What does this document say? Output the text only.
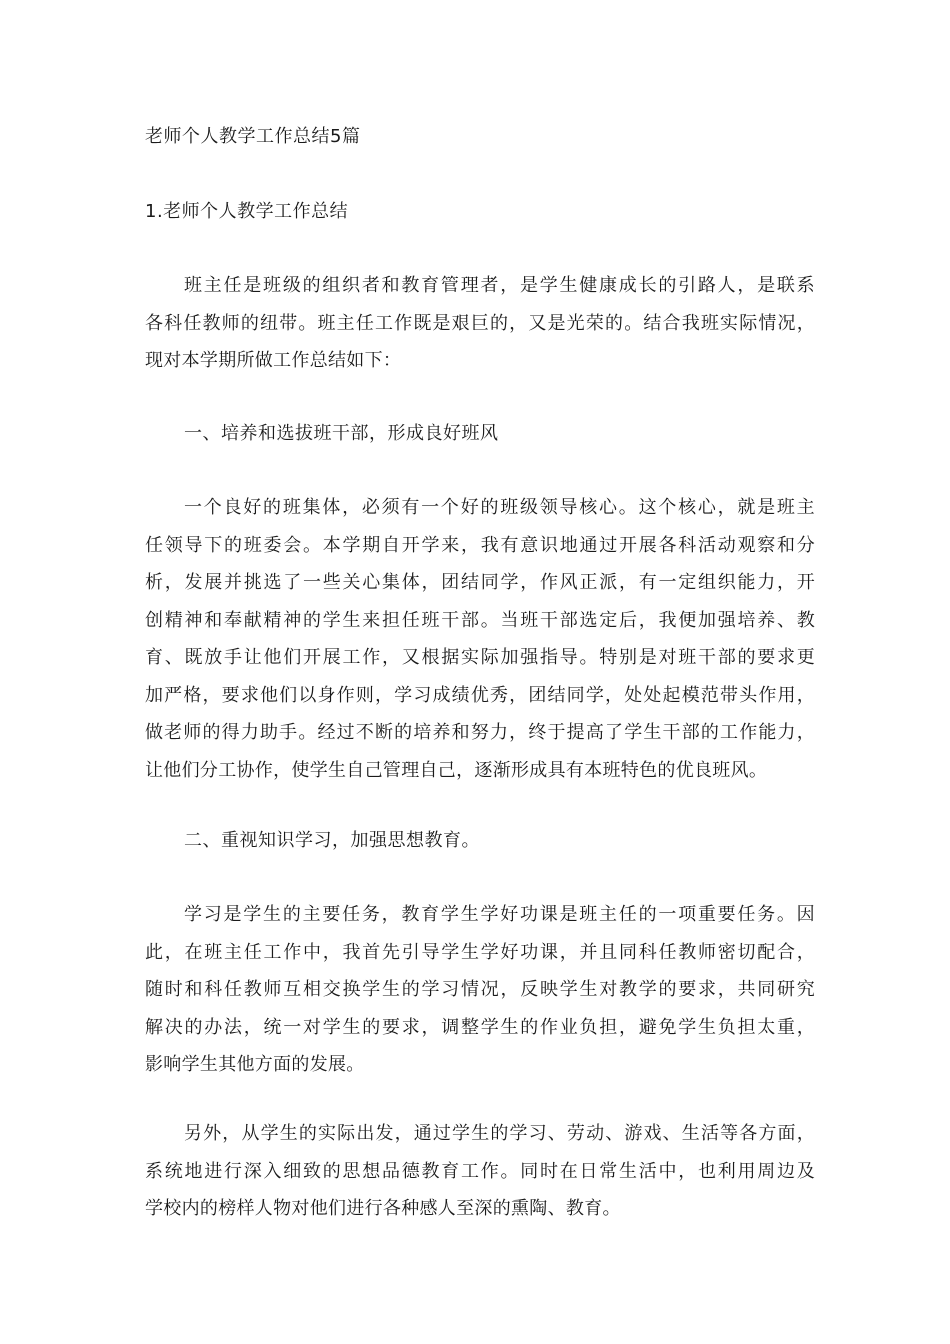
老师个人教学工作总结5篇
1.老师个人教学工作总结
班主任是班级的组织者和教育管理者，是学生健康成长的引路人，是联系
各科任教师的纽带。班主任工作既是艰巨的，又是光荣的。结合我班实际情况，
现对本学期所做工作总结如下：
一、培养和选拔班干部，形成良好班风
一个良好的班集体，必须有一个好的班级领导核心。这个核心，就是班主
任领导下的班委会。本学期自开学来，我有意识地通过开展各科活动观察和分
析，发展并挑选了一些关心集体，团结同学，作风正派，有一定组织能力，开
创精神和奉献精神的学生来担任班干部。当班干部选定后，我便加强培养、教
育、既放手让他们开展工作，又根据实际加强指导。特别是对班干部的要求更
加严格，要求他们以身作则，学习成绩优秀，团结同学，处处起模范带头作用，
做老师的得力助手。经过不断的培养和努力，终于提高了学生干部的工作能力，
让他们分工协作，使学生自己管理自己，逐渐形成具有本班特色的优良班风。
二、重视知识学习，加强思想教育。
学习是学生的主要任务，教育学生学好功课是班主任的一项重要任务。因
此，在班主任工作中，我首先引导学生学好功课，并且同科任教师密切配合，
随时和科任教师互相交换学生的学习情况，反映学生对教学的要求，共同研究
解决的办法，统一对学生的要求，调整学生的作业负担，避免学生负担太重，
影响学生其他方面的发展。
另外，从学生的实际出发，通过学生的学习、劳动、游戏、生活等各方面，
系统地进行深入细致的思想品德教育工作。同时在日常生活中，也利用周边及
学校内的榜样人物对他们进行各种感人至深的熏陶、教育。
